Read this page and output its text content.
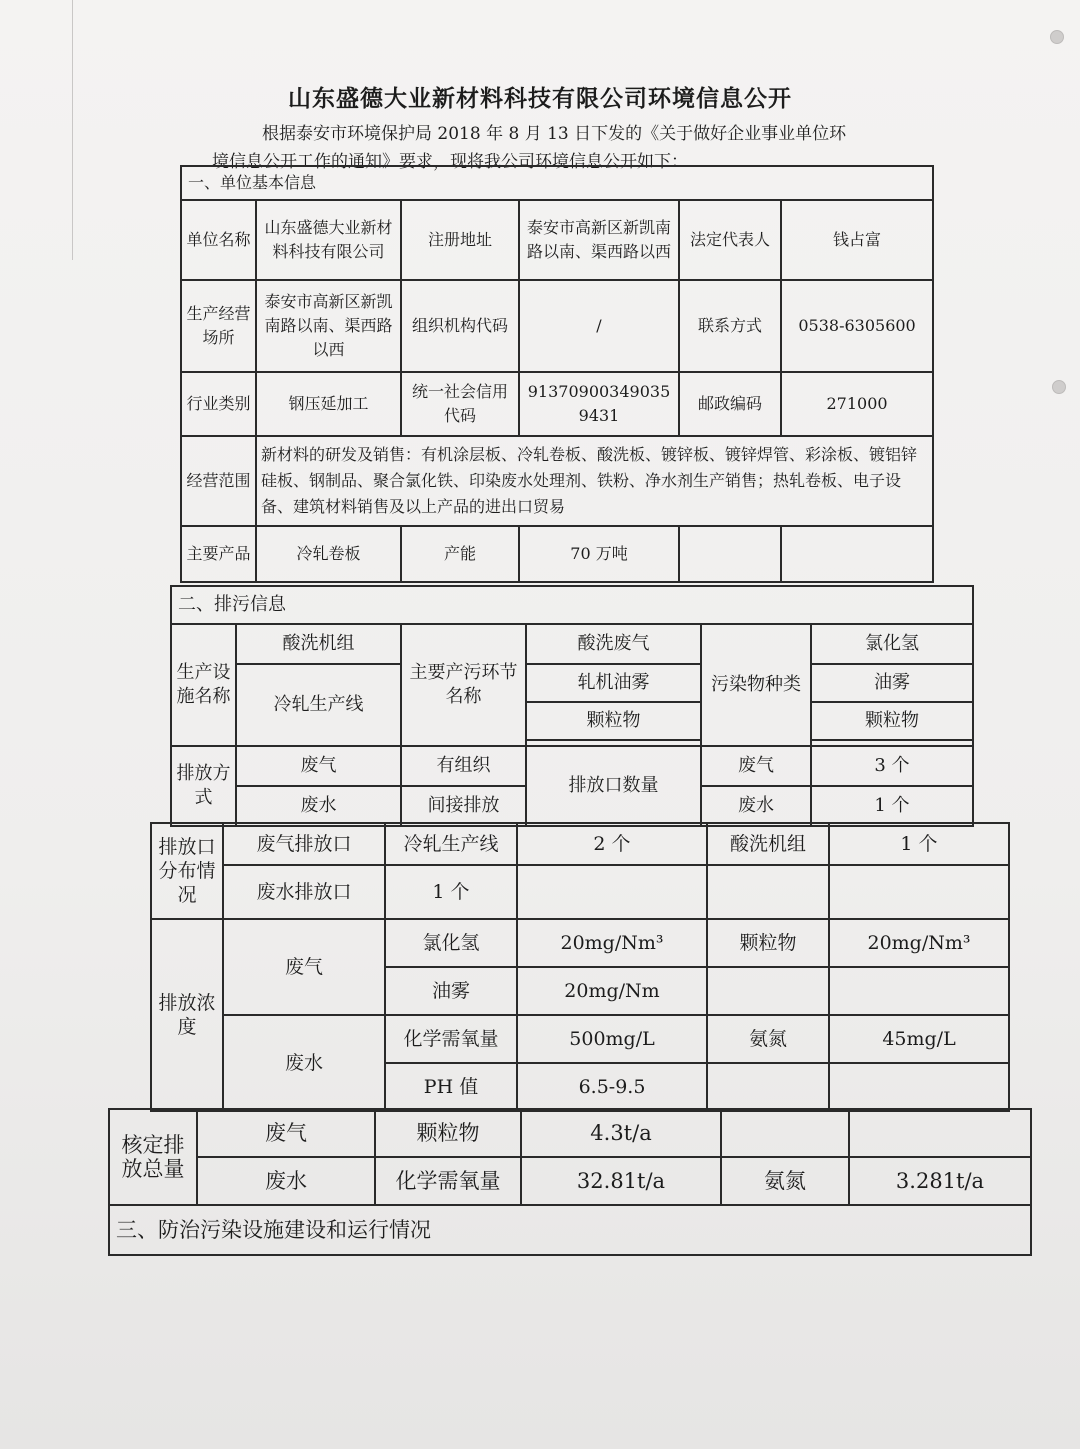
山东盛德大业新材料科技有限公司环境信息公开

根据泰安市环境保护局 2018 年 8 月 13 日下发的《关于做好企业事业单位环

境信息公开工作的通知》要求，现将我公司环境信息公开如下：

一、单位基本信息					
单位名称	山东盛德大业新材料科技有限公司	注册地址	泰安市高新区新凯南路以南、渠西路以西	法定代表人	钱占富
生产经营场所	泰安市高新区新凯南路以南、渠西路以西	组织机构代码	/	联系方式	0538-6305600
行业类别	钢压延加工	统一社会信用代码	913709003490359431	邮政编码	271000
经营范围	新材料的研发及销售：有机涂层板、冷轧卷板、酸洗板、镀锌板、镀锌焊管、彩涂板、镀铝锌硅板、钢制品、聚合氯化铁、印染废水处理剂、铁粉、净水剂生产销售；热轧卷板、电子设备、建筑材料销售及以上产品的进出口贸易				
主要产品	冷轧卷板	产能	70 万吨		
二、排污信息					
生产设施名称	酸洗机组	主要产污环节名称	酸洗废气	污染物种类	氯化氢
	冷轧生产线		轧机油雾		油雾
			颗粒物		颗粒物

排放方式	废气	有组织	排放口数量	废气	3 个
	废水	间接排放		废水	1 个
排放口分布情况	废气排放口	冷轧生产线	2 个	酸洗机组	1 个
	废水排放口	1 个			
排放浓度	废气	氯化氢	20mg/Nm³	颗粒物	20mg/Nm³
		油雾	20mg/Nm		
	废水	化学需氧量	500mg/L	氨氮	45mg/L
		PH 值	6.5-9.5		
核定排放总量	废气	颗粒物	4.3t/a		
	废水	化学需氧量	32.81t/a	氨氮	3.281t/a
三、防治污染设施建设和运行情况					
